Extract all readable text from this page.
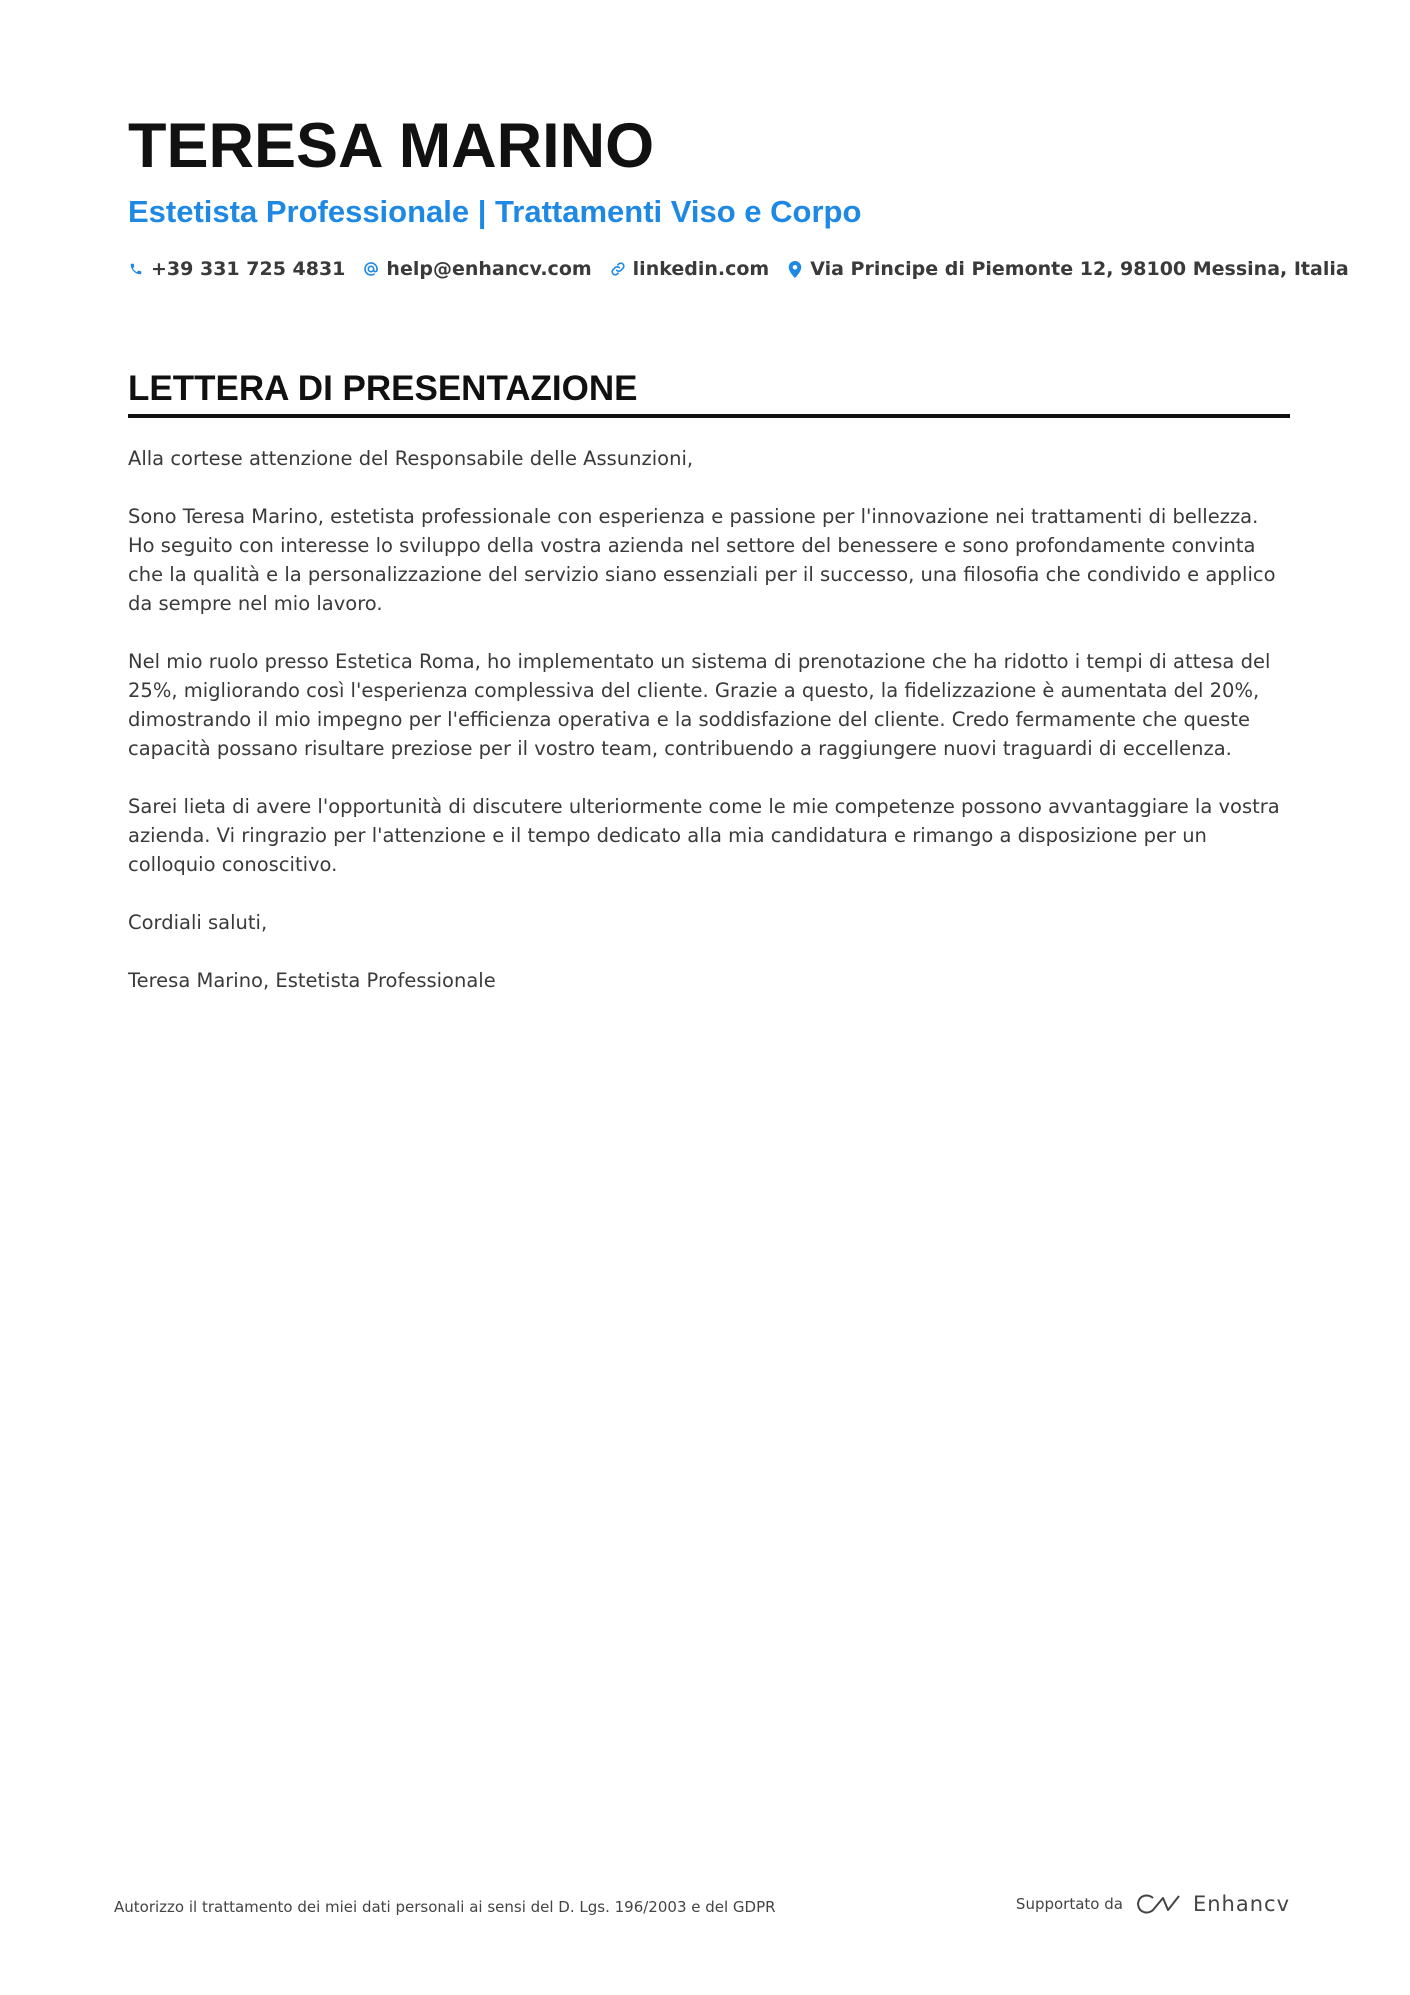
TERESA MARINO
Estetista Professionale | Trattamenti Viso e Corpo
+39 331 725 4831 help@enhancv.com linkedin.com Via Principe di Piemonte 12, 98100 Messina, Italia
LETTERA DI PRESENTAZIONE

Alla cortese attenzione del Responsabile delle Assunzioni,

Sono Teresa Marino, estetista professionale con esperienza e passione per l'innovazione nei trattamenti di bellezza. Ho seguito con interesse lo sviluppo della vostra azienda nel settore del benessere e sono profondamente convinta che la qualità e la personalizzazione del servizio siano essenziali per il successo, una filosofia che condivido e applico da sempre nel mio lavoro.

Nel mio ruolo presso Estetica Roma, ho implementato un sistema di prenotazione che ha ridotto i tempi di attesa del 25%, migliorando così l'esperienza complessiva del cliente. Grazie a questo, la fidelizzazione è aumentata del 20%, dimostrando il mio impegno per l'efficienza operativa e la soddisfazione del cliente. Credo fermamente che queste capacità possano risultare preziose per il vostro team, contribuendo a raggiungere nuovi traguardi di eccellenza.

Sarei lieta di avere l'opportunità di discutere ulteriormente come le mie competenze possono avvantaggiare la vostra azienda. Vi ringrazio per l'attenzione e il tempo dedicato alla mia candidatura e rimango a disposizione per un colloquio conoscitivo.

Cordiali saluti,

Teresa Marino, Estetista Professionale

Autorizzo il trattamento dei miei dati personali ai sensi del D. Lgs. 196/2003 e del GDPR	Supportato da	Enhancv
